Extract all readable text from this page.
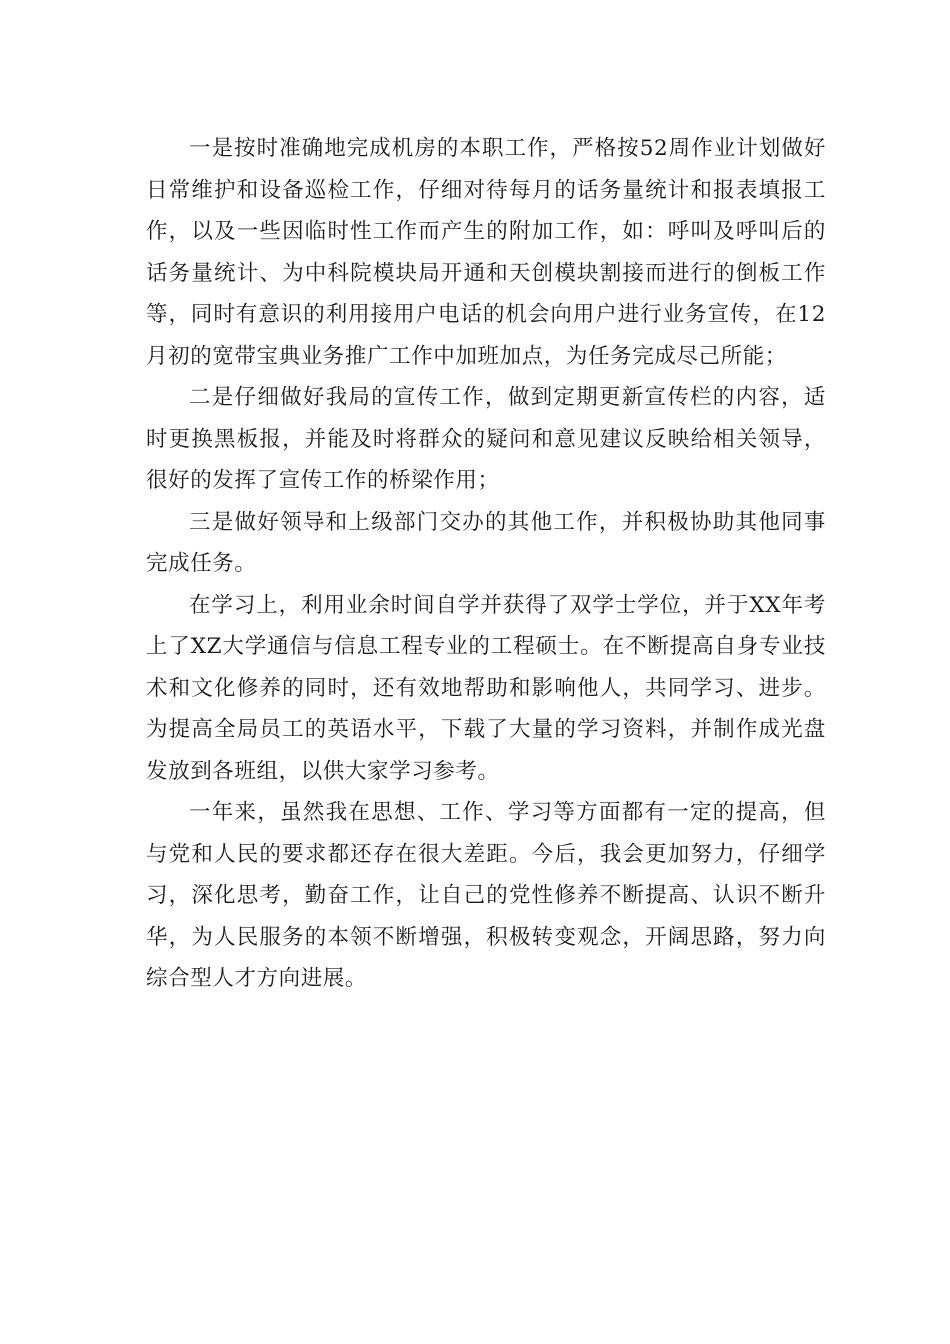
一是按时准确地完成机房的本职工作，严格按52周作业计划做好日常维护和设备巡检工作，仔细对待每月的话务量统计和报表填报工作，以及一些因临时性工作而产生的附加工作，如：呼叫及呼叫后的话务量统计、为中科院模块局开通和天创模块割接而进行的倒板工作等，同时有意识的利用接用户电话的机会向用户进行业务宣传，在12月初的宽带宝典业务推广工作中加班加点，为任务完成尽己所能；

二是仔细做好我局的宣传工作，做到定期更新宣传栏的内容，适时更换黑板报，并能及时将群众的疑问和意见建议反映给相关领导，很好的发挥了宣传工作的桥梁作用；

三是做好领导和上级部门交办的其他工作，并积极协助其他同事完成任务。

在学习上，利用业余时间自学并获得了双学士学位，并于XX年考上了XZ大学通信与信息工程专业的工程硕士。在不断提高自身专业技术和文化修养的同时，还有效地帮助和影响他人，共同学习、进步。为提高全局员工的英语水平，下载了大量的学习资料，并制作成光盘发放到各班组，以供大家学习参考。

一年来，虽然我在思想、工作、学习等方面都有一定的提高，但与党和人民的要求都还存在很大差距。今后，我会更加努力，仔细学习，深化思考，勤奋工作，让自己的党性修养不断提高、认识不断升华，为人民服务的本领不断增强，积极转变观念，开阔思路，努力向综合型人才方向进展。
